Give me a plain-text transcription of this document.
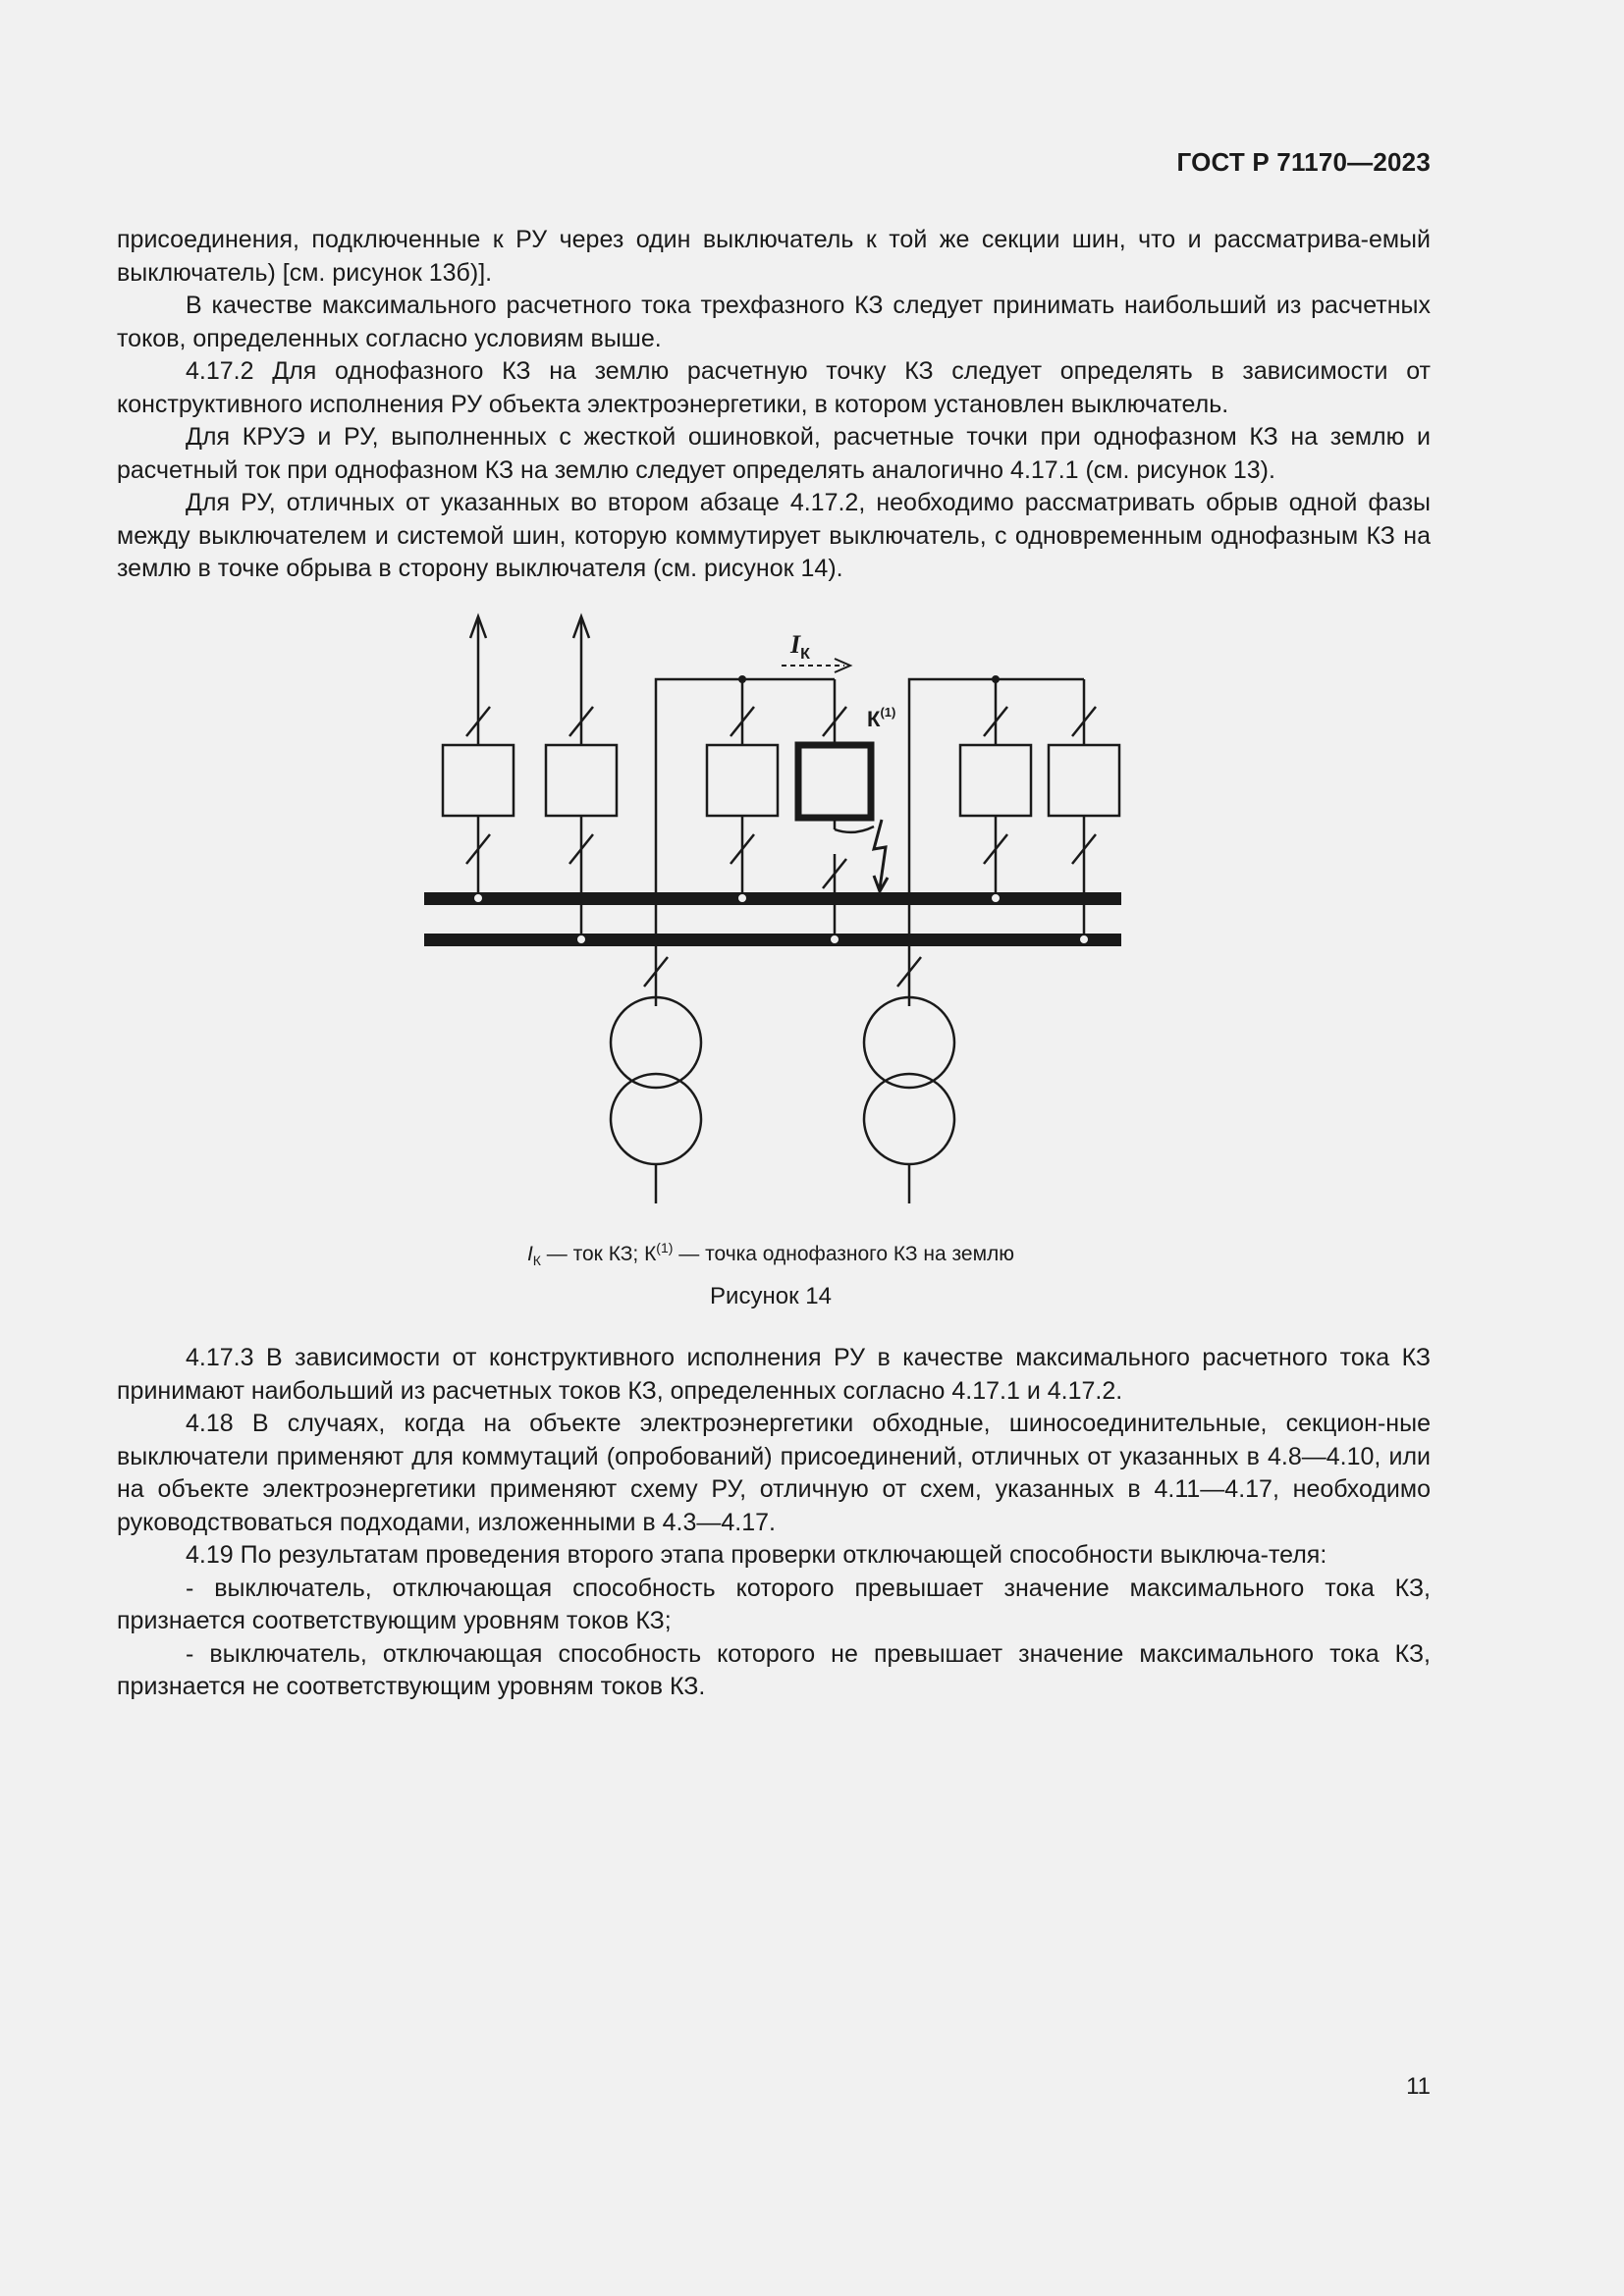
ГОСТ Р 71170—2023

присоединения, подключенные к РУ через один выключатель к той же секции шин, что и рассматрива-емый выключатель) [см. рисунок 13б)].

В качестве максимального расчетного тока трехфазного КЗ следует принимать наибольший из расчетных токов, определенных согласно условиям выше.

4.17.2 Для однофазного КЗ на землю расчетную точку КЗ следует определять в зависимости от конструктивного исполнения РУ объекта электроэнергетики, в котором установлен выключатель.

Для КРУЭ и РУ, выполненных с жесткой ошиновкой, расчетные точки при однофазном КЗ на землю и расчетный ток при однофазном КЗ на землю следует определять аналогично 4.17.1 (см. рисунок 13).

Для РУ, отличных от указанных во втором абзаце 4.17.2, необходимо рассматривать обрыв одной фазы между выключателем и системой шин, которую коммутирует выключатель, с одновременным однофазным КЗ на землю в точке обрыва в сторону выключателя (см. рисунок 14).

$I_К$
$К^{(1)}$
$I_К$ — ток КЗ; $К^{(1)}$ — точка однофазного КЗ на землю
Рисунок 14

4.17.3 В зависимости от конструктивного исполнения РУ в качестве максимального расчетного тока КЗ принимают наибольший из расчетных токов КЗ, определенных согласно 4.17.1 и 4.17.2.

4.18 В случаях, когда на объекте электроэнергетики обходные, шиносоединительные, секцион-ные выключатели применяют для коммутаций (опробований) присоединений, отличных от указанных в 4.8—4.10, или на объекте электроэнергетики применяют схему РУ, отличную от схем, указанных в 4.11—4.17, необходимо руководствоваться подходами, изложенными в 4.3—4.17.

4.19 По результатам проведения второго этапа проверки отключающей способности выключа-теля:

- выключатель, отключающая способность которого превышает значение максимального тока КЗ, признается соответствующим уровням токов КЗ;

- выключатель, отключающая способность которого не превышает значение максимального тока КЗ, признается не соответствующим уровням токов КЗ.

11
